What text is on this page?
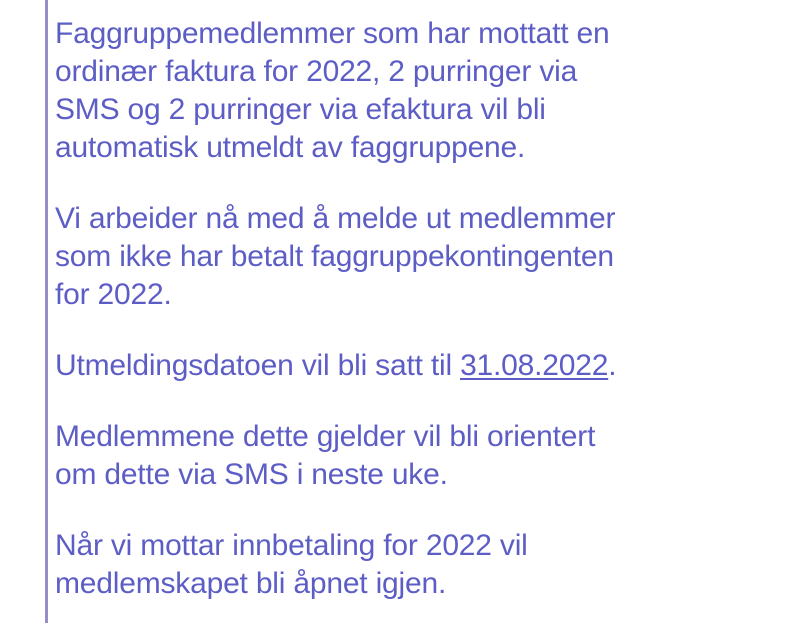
Faggruppemedlemmer som har mottatt en
ordinær faktura for 2022, 2 purringer via
SMS og 2 purringer via efaktura vil bli
automatisk utmeldt av faggruppene.

Vi arbeider nå med å melde ut medlemmer
som ikke har betalt faggruppekontingenten
for 2022.

Utmeldingsdatoen vil bli satt til 31.08.2022.

Medlemmene dette gjelder vil bli orientert
om dette via SMS i neste uke.

Når vi mottar innbetaling for 2022 vil
medlemskapet bli åpnet igjen.
